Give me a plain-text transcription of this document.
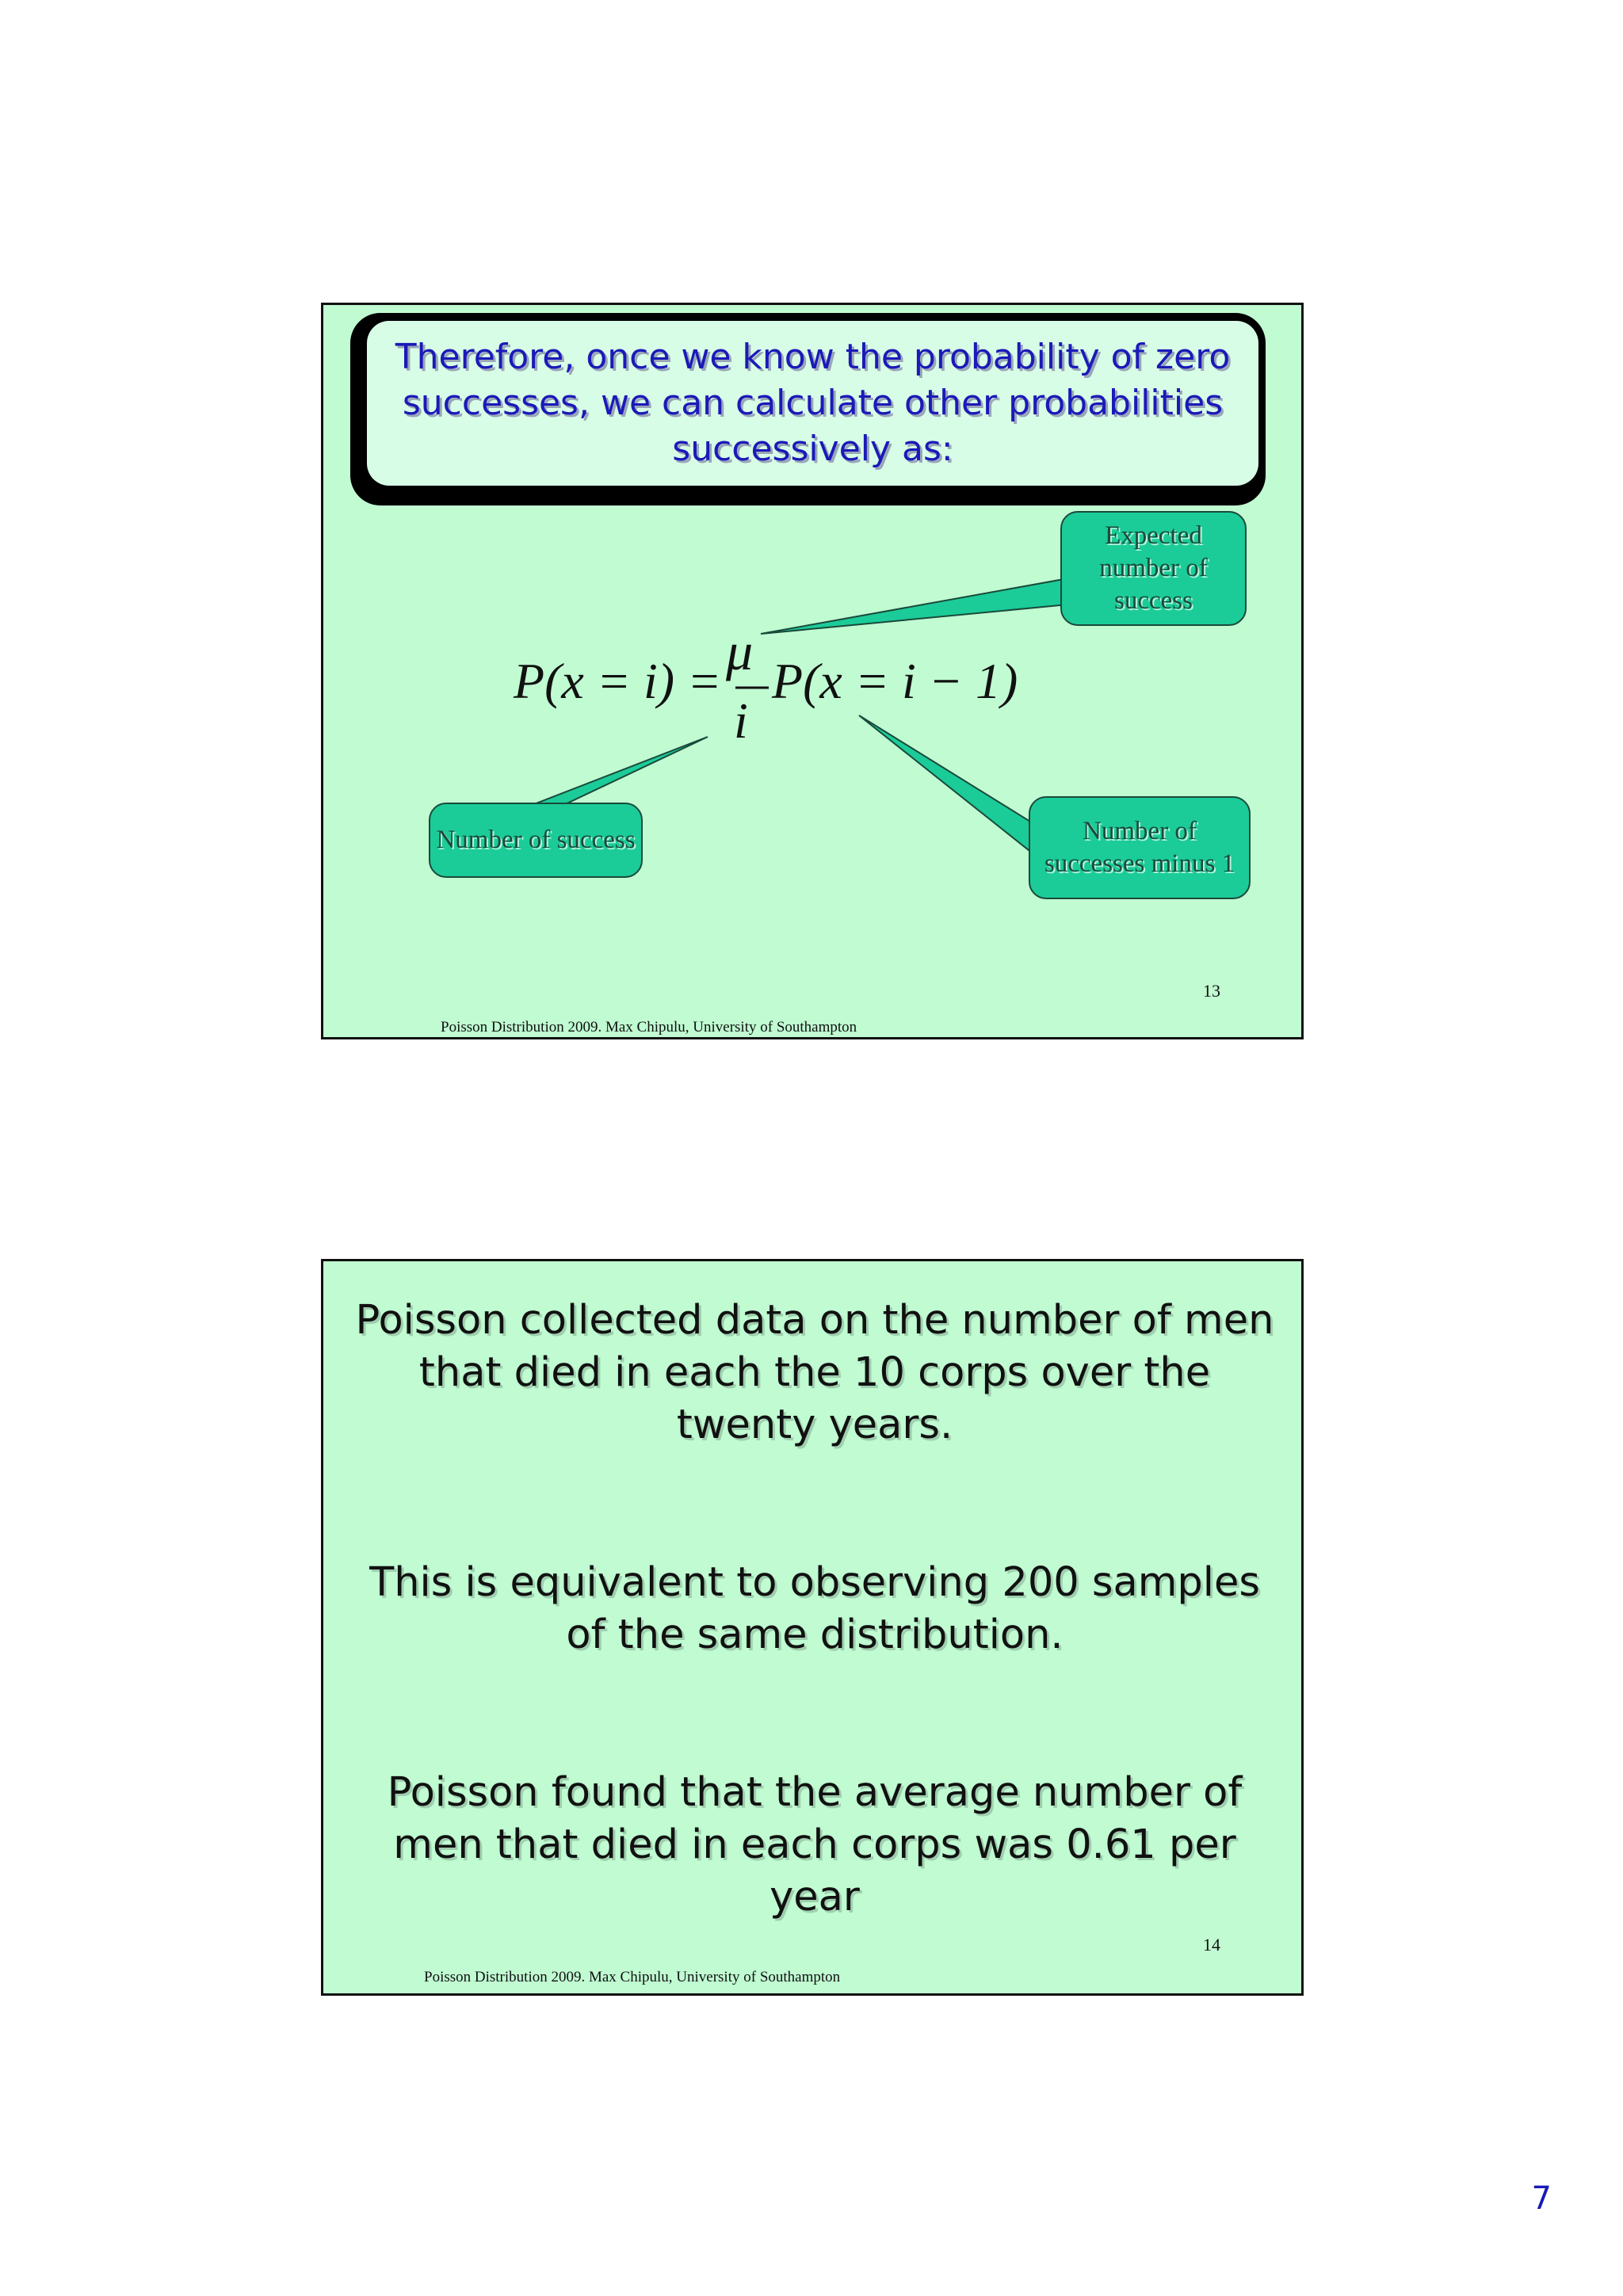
Therefore, once we know the probability of zero successes, we can calculate other probabilities successively as:
Expected number of success
Number of success	Number of successes minus 1
P(x = i) = μ
i
P(x = i − 1)
13
Poisson Distribution 2009. Max Chipulu, University of Southampton
Poisson collected data on the number of men that died in each the 10 corps over the twenty years.
This is equivalent to observing 200 samples of the same distribution.
Poisson found that the average number of men that died in each corps was 0.61 per year
14
Poisson Distribution 2009. Max Chipulu, University of Southampton
7
